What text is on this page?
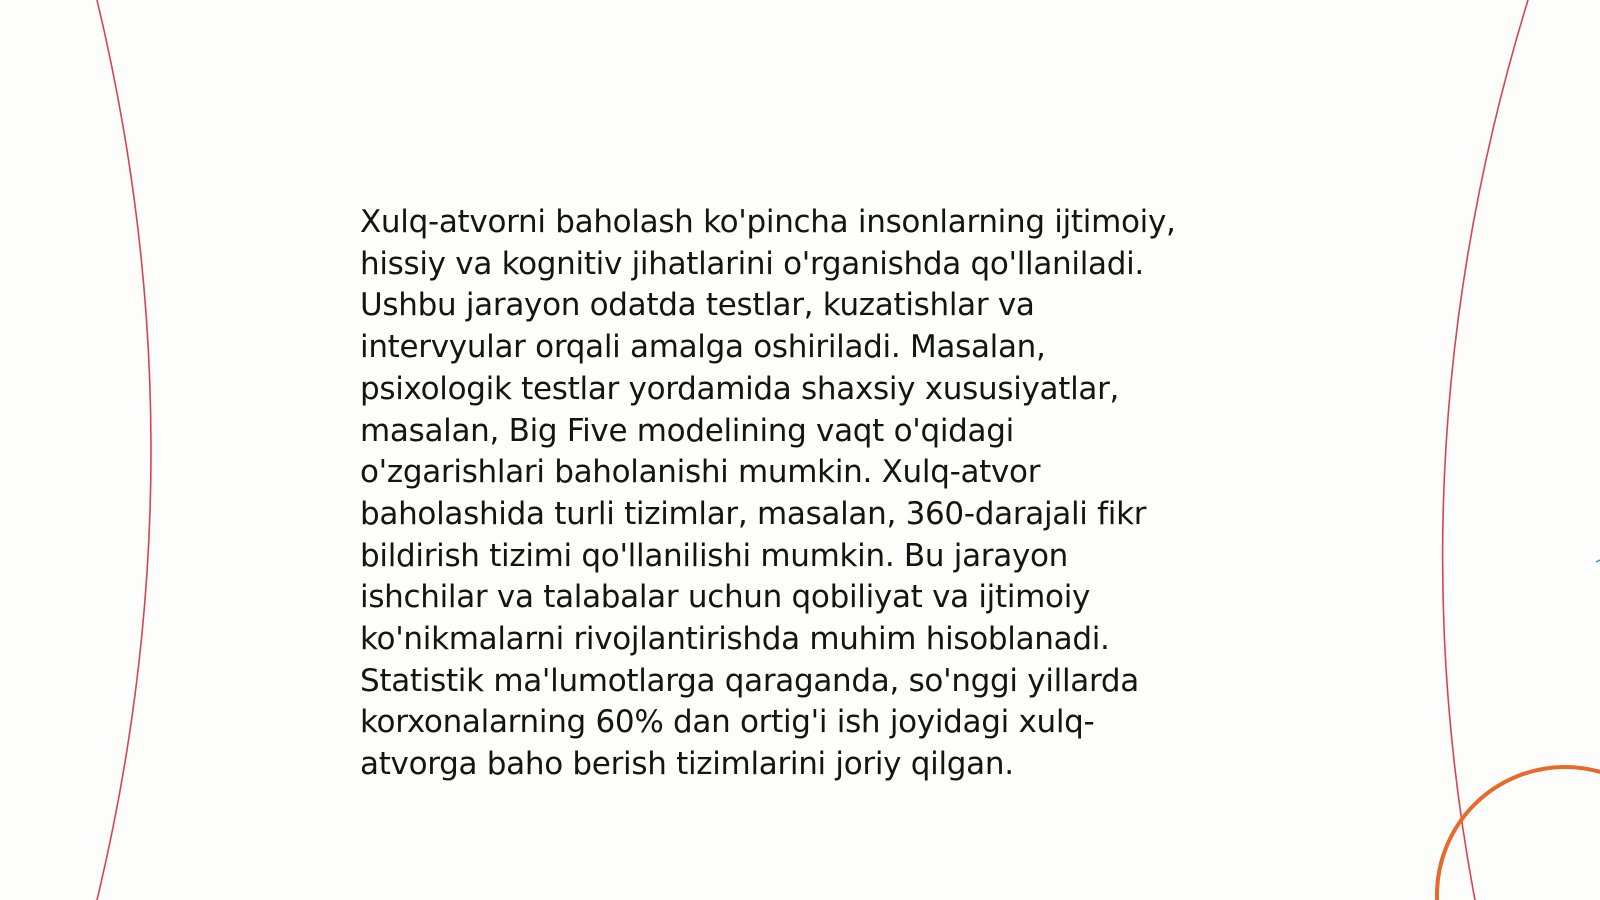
Xulq-atvorni baholash ko'pincha insonlarning ijtimoiy,
hissiy va kognitiv jihatlarini o'rganishda qo'llaniladi.
Ushbu jarayon odatda testlar, kuzatishlar va
intervyular orqali amalga oshiriladi. Masalan,
psixologik testlar yordamida shaxsiy xususiyatlar,
masalan, Big Five modelining vaqt o'qidagi
o'zgarishlari baholanishi mumkin. Xulq-atvor
baholashida turli tizimlar, masalan, 360-darajali fikr
bildirish tizimi qo'llanilishi mumkin. Bu jarayon
ishchilar va talabalar uchun qobiliyat va ijtimoiy
ko'nikmalarni rivojlantirishda muhim hisoblanadi.
Statistik ma'lumotlarga qaraganda, so'nggi yillarda
korxonalarning 60% dan ortig'i ish joyidagi xulq-
atvorga baho berish tizimlarini joriy qilgan.
